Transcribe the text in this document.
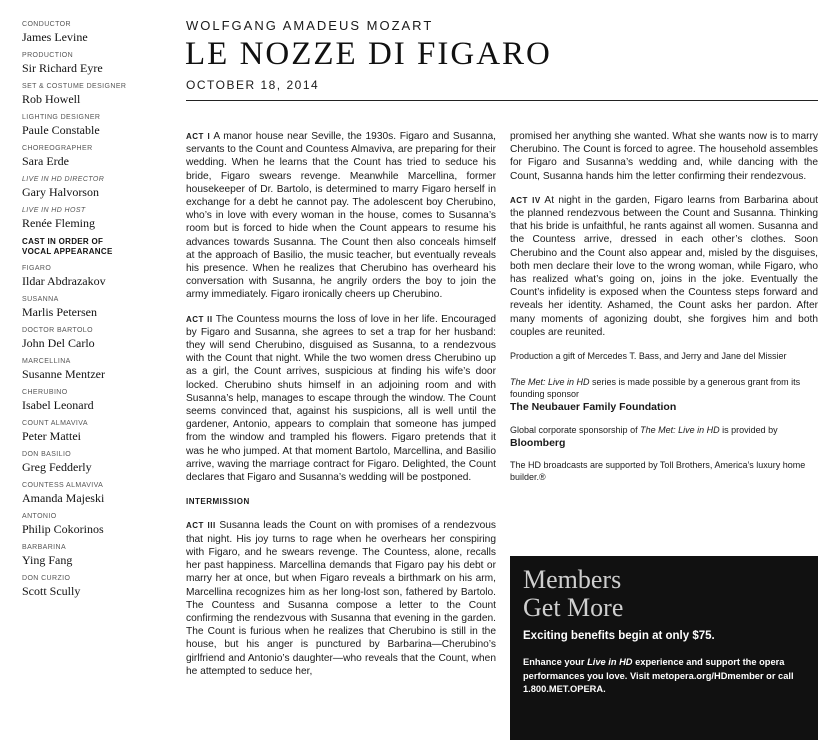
CONDUCTOR
James Levine
PRODUCTION
Sir Richard Eyre
SET & COSTUME DESIGNER
Rob Howell
LIGHTING DESIGNER
Paule Constable
CHOREOGRAPHER
Sara Erde
LIVE IN HD DIRECTOR
Gary Halvorson
LIVE IN HD HOST
Renée Fleming
CAST IN ORDER OF
VOCAL APPEARANCE
FIGARO
Ildar Abdrazakov
SUSANNA
Marlis Petersen
DOCTOR BARTOLO
John Del Carlo
MARCELLINA
Susanne Mentzer
CHERUBINO
Isabel Leonard
COUNT ALMAVIVA
Peter Mattei
DON BASILIO
Greg Fedderly
COUNTESS ALMAVIVA
Amanda Majeski
ANTONIO
Philip Cokorinos
BARBARINA
Ying Fang
DON CURZIO
Scott Scully
WOLFGANG AMADEUS MOZART
LE NOZZE DI FIGARO
OCTOBER 18, 2014

ACT I A manor house near Seville, the 1930s. Figaro and Susanna, servants to the Count and Countess Almaviva, are preparing for their wedding. When he learns that the Count has tried to seduce his bride, Figaro swears revenge. Meanwhile Marcellina, former housekeeper of Dr. Bartolo, is determined to marry Figaro herself in exchange for a debt he cannot pay. The adolescent boy Cherubino, who’s in love with every woman in the house, comes to Susanna’s room but is forced to hide when the Count appears to resume his advances towards Susanna. The Count then also conceals himself at the approach of Basilio, the music teacher, but eventually reveals his presence. When he realizes that Cherubino has overheard his conversation with Susanna, he angrily orders the boy to join the army immediately. Figaro ironically cheers up Cherubino.

ACT II The Countess mourns the loss of love in her life. Encouraged by Figaro and Susanna, she agrees to set a trap for her husband: they will send Cherubino, disguised as Susanna, to a rendezvous with the Count that night. While the two women dress Cherubino up as a girl, the Count arrives, suspicious at finding his wife’s door locked. Cherubino shuts himself in an adjoining room and with Susanna’s help, manages to escape through the window. The Count seems convinced that, against his suspicions, all is well until the gardener, Antonio, appears to complain that someone has jumped from the window and trampled his flowers. Figaro pretends that it was he who jumped. At that moment Bartolo, Marcellina, and Basilio arrive, waving the marriage contract for Figaro. Delighted, the Count declares that Figaro and Susanna’s wedding will be postponed.

INTERMISSION

ACT III Susanna leads the Count on with promises of a rendezvous that night. His joy turns to rage when he overhears her conspiring with Figaro, and he swears revenge. The Countess, alone, recalls her past happiness. Marcellina demands that Figaro pay his debt or marry her at once, but when Figaro reveals a birthmark on his arm, Marcellina recognizes him as her long-lost son, fathered by Bartolo. The Countess and Susanna compose a letter to the Count confirming the rendezvous with Susanna that evening in the garden. The Count is furious when he realizes that Cherubino is still in the house, but his anger is punctured by Barbarina—Cherubino’s girlfriend and Antonio’s daughter—who reveals that the Count, when he attempted to seduce her,

promised her anything she wanted. What she wants now is to marry Cherubino. The Count is forced to agree. The household assembles for Figaro and Susanna’s wedding and, while dancing with the Count, Susanna hands him the letter confirming their rendezvous.

ACT IV At night in the garden, Figaro learns from Barbarina about the planned rendezvous between the Count and Susanna. Thinking that his bride is unfaithful, he rants against all women. Susanna and the Countess arrive, dressed in each other’s clothes. Soon Cherubino and the Count also appear and, misled by the disguises, both men declare their love to the wrong woman, while Figaro, who has realized what’s going on, joins in the joke. Eventually the Count’s infidelity is exposed when the Countess steps forward and reveals her identity. Ashamed, the Count asks her pardon. After many moments of agonizing doubt, she forgives him and both couples are reunited.

Production a gift of Mercedes T. Bass, and Jerry and Jane del Missier

The Met: Live in HD series is made possible by a generous grant from its founding sponsor
The Neubauer Family Foundation
Global corporate sponsorship of The Met: Live in HD is provided by
Bloomberg
The HD broadcasts are supported by Toll Brothers, America’s luxury home builder.®
Members
Get More
Exciting benefits begin at only $75.
Enhance your Live in HD experience and support the opera performances you love. Visit metopera.org/HDmember or call 1.800.MET.OPERA.
